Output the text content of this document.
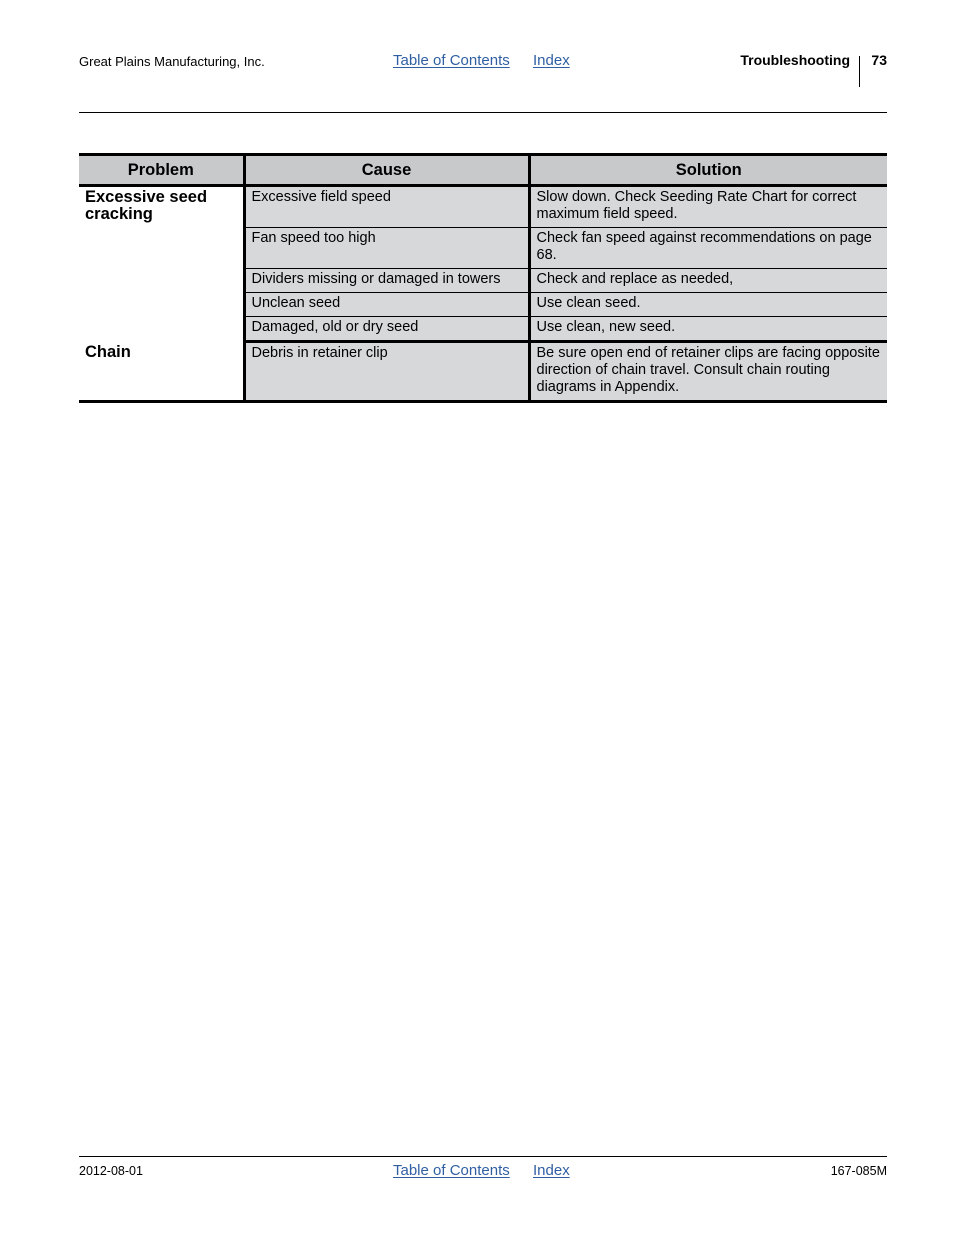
Great Plains Manufacturing, Inc.	Table of Contents Index	Troubleshooting 73
Problem	Cause	Solution
Excessive seed cracking	Excessive field speed	Slow down. Check Seeding Rate Chart for correct maximum field speed.
	Fan speed too high	Check fan speed against recommendations on page 68.
	Dividers missing or damaged in towers	Check and replace as needed,
	Unclean seed	Use clean seed.
	Damaged, old or dry seed	Use clean, new seed.
Chain	Debris in retainer clip	Be sure open end of retainer clips are facing opposite direction of chain travel. Consult chain routing diagrams in Appendix.
2012-08-01	Table of Contents Index	167-085M
